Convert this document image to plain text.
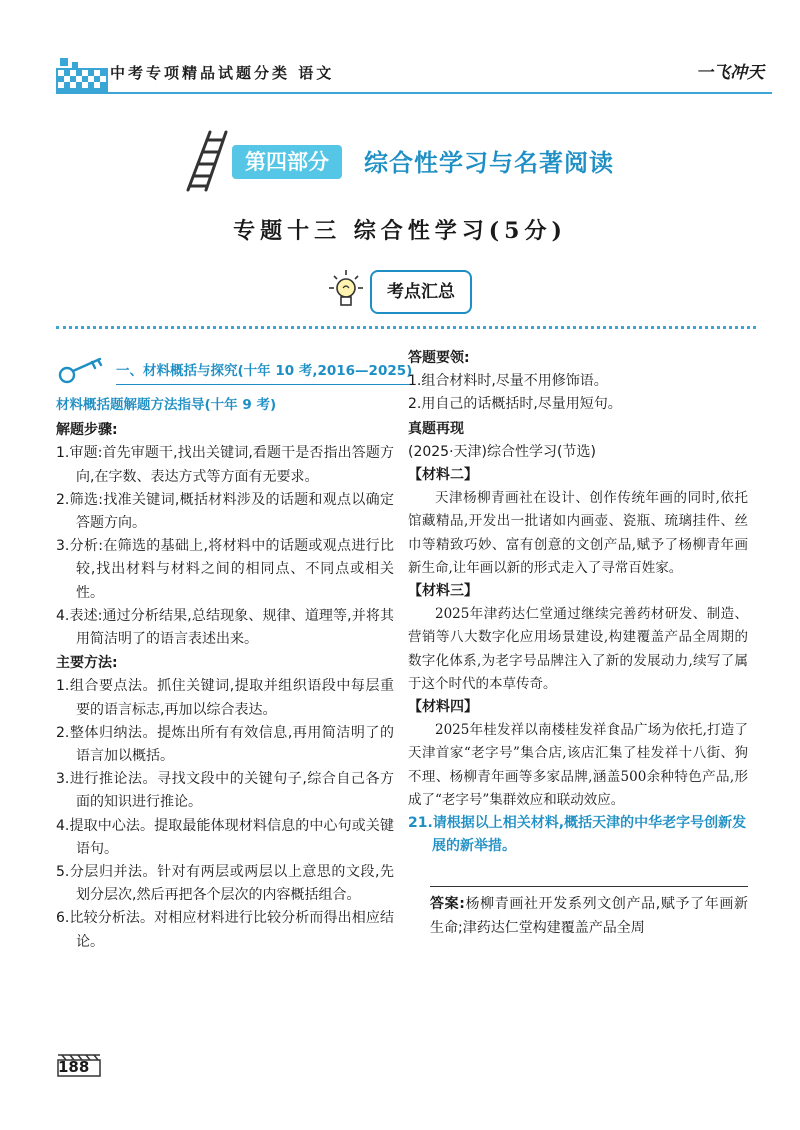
中考专项精品试题分类 语文	一飞冲天
第四部分	综合性学习与名著阅读
专题十三 综合性学习(5分)
考点汇总
一、材料概括与探究(十年 10 考,2016—2025)
材料概括题解题方法指导(十年 9 考)
解题步骤:
1.审题:首先审题干,找出关键词,看题干是否指出答题方向,在字数、表达方式等方面有无要求。
2.筛选:找准关键词,概括材料涉及的话题和观点以确定答题方向。
3.分析:在筛选的基础上,将材料中的话题或观点进行比较,找出材料与材料之间的相同点、不同点或相关性。
4.表述:通过分析结果,总结现象、规律、道理等,并将其用简洁明了的语言表述出来。
主要方法:
1.组合要点法。抓住关键词,提取并组织语段中每层重要的语言标志,再加以综合表达。
2.整体归纳法。提炼出所有有效信息,再用简洁明了的语言加以概括。
3.进行推论法。寻找文段中的关键句子,综合自己各方面的知识进行推论。
4.提取中心法。提取最能体现材料信息的中心句或关键语句。
5.分层归并法。针对有两层或两层以上意思的文段,先划分层次,然后再把各个层次的内容概括组合。
6.比较分析法。对相应材料进行比较分析而得出相应结论。
答题要领:
1.组合材料时,尽量不用修饰语。
2.用自己的话概括时,尽量用短句。
真题再现
(2025·天津)综合性学习(节选)
【材料二】
天津杨柳青画社在设计、创作传统年画的同时,依托馆藏精品,开发出一批诸如内画壶、瓷瓶、琉璃挂件、丝巾等精致巧妙、富有创意的文创产品,赋予了杨柳青年画新生命,让年画以新的形式走入了寻常百姓家。
【材料三】
2025年津药达仁堂通过继续完善药材研发、制造、营销等八大数字化应用场景建设,构建覆盖产品全周期的数字化体系,为老字号品牌注入了新的发展动力,续写了属于这个时代的本草传奇。
【材料四】
2025年桂发祥以南楼桂发祥食品广场为依托,打造了天津首家“老字号”集合店,该店汇集了桂发祥十八街、狗不理、杨柳青年画等多家品牌,涵盖500余种特色产品,形成了“老字号”集群效应和联动效应。
21.请根据以上相关材料,概括天津的中华老字号创新发展的新举措。
答案:杨柳青画社开发系列文创产品,赋予了年画新生命;津药达仁堂构建覆盖产品全周
188
